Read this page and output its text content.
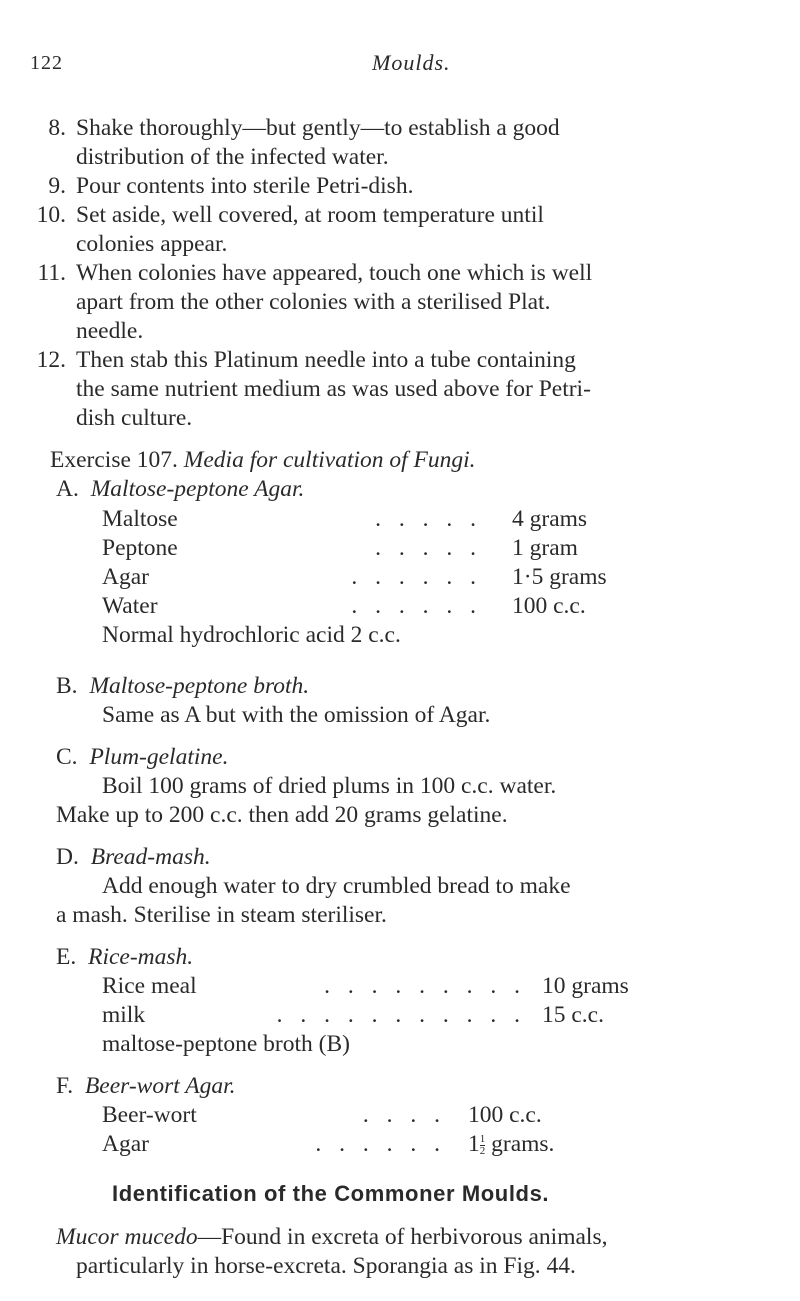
122	Moulds.
8. Shake thoroughly—but gently—to establish a good
distribution of the infected water.
9. Pour contents into sterile Petri-dish.
10. Set aside, well covered, at room temperature until
colonies appear.
11. When colonies have appeared, touch one which is well
apart from the other colonies with a sterilised Plat.
needle.
12. Then stab this Platinum needle into a tube containing
the same nutrient medium as was used above for Petri-
dish culture.
Exercise 107. Media for cultivation of Fungi.
A. Maltose-peptone Agar.
Maltose	. . . . . 4 grams
Peptone	. . . . . 1 gram
Agar	. . . . . . 1·5 grams
Water	. . . . . . 100 c.c.
Normal hydrochloric acid 2 c.c.
B. Maltose-peptone broth.
Same as A but with the omission of Agar.
C. Plum-gelatine.
Boil 100 grams of dried plums in 100 c.c. water.
Make up to 200 c.c. then add 20 grams gelatine.
D. Bread-mash.
Add enough water to dry crumbled bread to make
a mash. Sterilise in steam steriliser.
E. Rice-mash.
Rice meal	. . . . . . . . . 10 grams
milk	. . . . . . . . . . . 15 c.c.
maltose-peptone broth (B)
F. Beer-wort Agar.
Beer-wort	. . . . 100 c.c.
Agar	. . . . . . $1 \frac{1}{2}$ grams.
Identification of the Commoner Moulds.
Mucor mucedo—Found in excreta of herbivorous animals,
particularly in horse-excreta. Sporangia as in Fig. 44.
